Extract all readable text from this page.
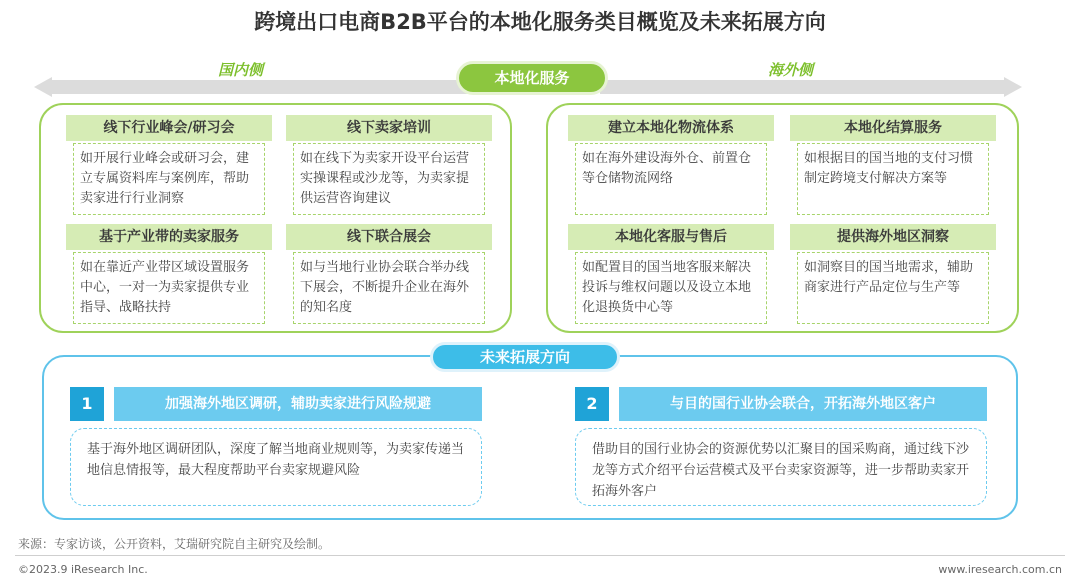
跨境出口电商B2B平台的本地化服务类目概览及未来拓展方向
国内侧	海外侧
本地化服务
线下行业峰会/研习会
如开展行业峰会或研习会，建立专属资料库与案例库，帮助卖家进行行业洞察
线下卖家培训
如在线下为卖家开设平台运营实操课程或沙龙等，为卖家提供运营咨询建议
基于产业带的卖家服务
如在靠近产业带区域设置服务中心，一对一为卖家提供专业指导、战略扶持
线下联合展会
如与当地行业协会联合举办线下展会，不断提升企业在海外的知名度
建立本地化物流体系
如在海外建设海外仓、前置仓等仓储物流网络
本地化结算服务
如根据目的国当地的支付习惯制定跨境支付解决方案等
本地化客服与售后
如配置目的国当地客服来解决投诉与维权问题以及设立本地化退换货中心等
提供海外地区洞察
如洞察目的国当地需求，辅助商家进行产品定位与生产等
未来拓展方向
1	加强海外地区调研，辅助卖家进行风险规避
基于海外地区调研团队，深度了解当地商业规则等，为卖家传递当地信息情报等，最大程度帮助平台卖家规避风险
2	与目的国行业协会联合，开拓海外地区客户
借助目的国行业协会的资源优势以汇聚目的国采购商，通过线下沙龙等方式介绍平台运营模式及平台卖家资源等，进一步帮助卖家开拓海外客户
来源：专家访谈，公开资料，艾瑞研究院自主研究及绘制。
©2023.9 iResearch Inc.	www.iresearch.com.cn
